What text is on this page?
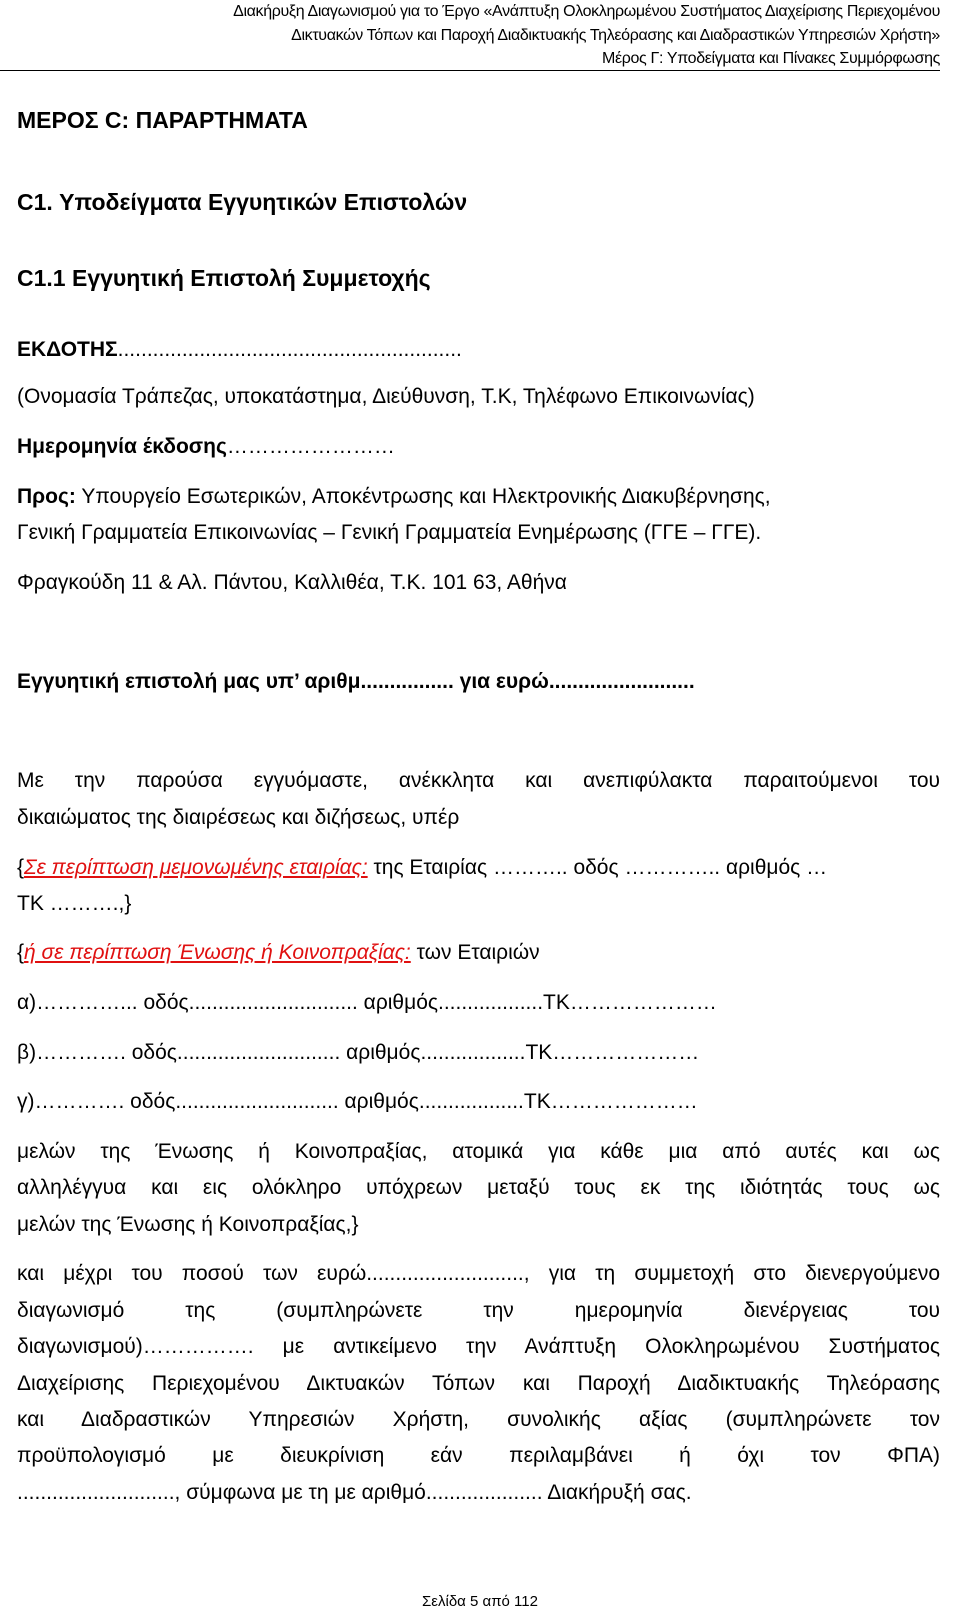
Διακήρυξη Διαγωνισμού για το Έργο «Ανάπτυξη Ολοκληρωμένου Συστήματος Διαχείρισης Περιεχομένου
Δικτυακών Τόπων και Παροχή Διαδικτυακής Τηλεόρασης και Διαδραστικών Υπηρεσιών Χρήστη»
Μέρος Γ: Υποδείγματα και Πίνακες Συμμόρφωσης
ΜΕΡΟΣ C: ΠΑΡΑΡΤΗΜΑΤΑ
C1. Υποδείγματα Εγγυητικών Επιστολών
C1.1 Εγγυητική Επιστολή Συμμετοχής
ΕΚΔΟΤΗΣ...........................................................
(Ονομασία Τράπεζας, υποκατάστημα, Διεύθυνση, Τ.Κ, Τηλέφωνο Επικοινωνίας)
Ημερομηνία έκδοσης……………………
Προς: Υπουργείο Εσωτερικών, Αποκέντρωσης και Ηλεκτρονικής Διακυβέρνησης,
Γενική Γραμματεία Επικοινωνίας – Γενική Γραμματεία Ενημέρωσης (ΓΓΕ – ΓΓΕ).
Φραγκούδη 11 & Αλ. Πάντου, Καλλιθέα, Τ.Κ. 101 63, Αθήνα
Εγγυητική επιστολή μας υπ’ αριθμ................ για ευρώ.........................
Με την παρούσα εγγυόμαστε, ανέκκλητα και ανεπιφύλακτα παραιτούμενοι του
δικαιώματος της διαιρέσεως και διζήσεως, υπέρ
{Σε περίπτωση μεμονωμένης εταιρίας: της Εταιρίας ……….. οδός ………….. αριθμός …
ΤΚ ……….,}
{ή σε περίπτωση Ένωσης ή Κοινοπραξίας: των Εταιριών
α)…………... οδός............................. αριθμός..................ΤΚ…………………
β)…………. οδός............................ αριθμός..................ΤΚ…………………
γ)…………. οδός............................ αριθμός..................ΤΚ…………………
μελών της Ένωσης ή Κοινοπραξίας, ατομικά για κάθε μια από αυτές και ως
αλληλέγγυα και εις ολόκληρο υπόχρεων μεταξύ τους εκ της ιδιότητάς τους ως
μελών της Ένωσης ή Κοινοπραξίας,}
και μέχρι του ποσού των ευρώ..........................., για τη συμμετοχή στο διενεργούμενο
διαγωνισμό της (συμπληρώνετε την ημερομηνία διενέργειας του
διαγωνισμού)……………. με αντικείμενο την Ανάπτυξη Ολοκληρωμένου Συστήματος
Διαχείρισης Περιεχομένου Δικτυακών Τόπων και Παροχή Διαδικτυακής Τηλεόρασης
και Διαδραστικών Υπηρεσιών Χρήστη, συνολικής αξίας (συμπληρώνετε τον
προϋπολογισμό με διευκρίνιση εάν περιλαμβάνει ή όχι τον ΦΠΑ)
..........................., σύμφωνα με τη με αριθμό.................... Διακήρυξή σας.
Σελίδα 5 από 112
